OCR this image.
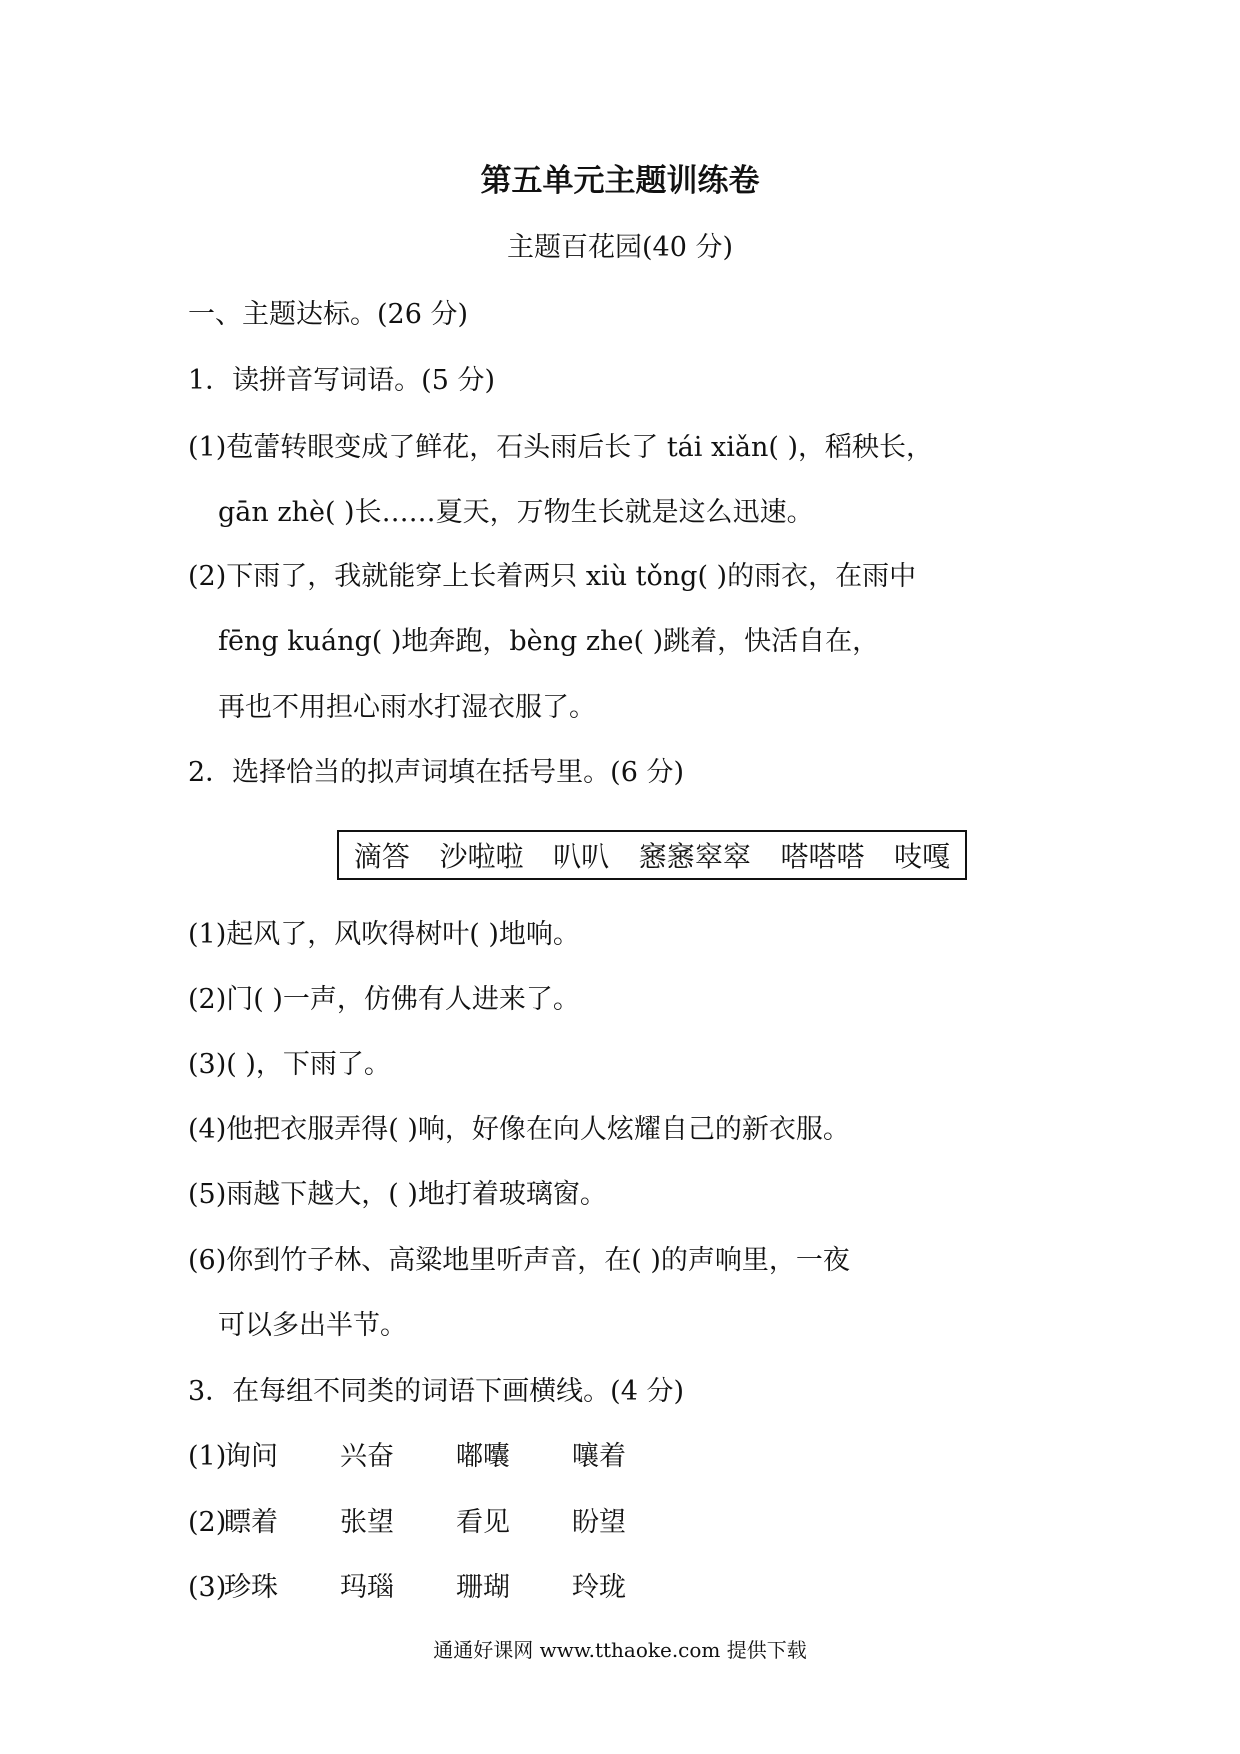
第五单元主题训练卷
主题百花园(40 分)
一、主题达标。(26 分)
1．读拼音写词语。(5 分)
(1)苞蕾转眼变成了鲜花，石头雨后长了 tái xiǎn( )，稻秧长，
gān zhè( )长……夏天，万物生长就是这么迅速。
(2)下雨了，我就能穿上长着两只 xiù tǒng( )的雨衣，在雨中
fēng kuáng( )地奔跑，bèng zhe( )跳着，快活自在，
再也不用担心雨水打湿衣服了。
2．选择恰当的拟声词填在括号里。(6 分)
滴答 沙啦啦 叭叭 窸窸窣窣 嗒嗒嗒 吱嘎
(1)起风了，风吹得树叶( )地响。
(2)门( )一声，仿佛有人进来了。
(3)( )，下雨了。
(4)他把衣服弄得( )响，好像在向人炫耀自己的新衣服。
(5)雨越下越大，( )地打着玻璃窗。
(6)你到竹子林、高粱地里听声音，在( )的声响里，一夜
可以多出半节。
3．在每组不同类的词语下画横线。(4 分)
(1)
询问 兴奋 嘟囔 嚷着
(2)
瞟着 张望 看见 盼望
(3)
珍珠 玛瑙 珊瑚 玲珑
通通好课网 www.tthaoke.com 提供下载
